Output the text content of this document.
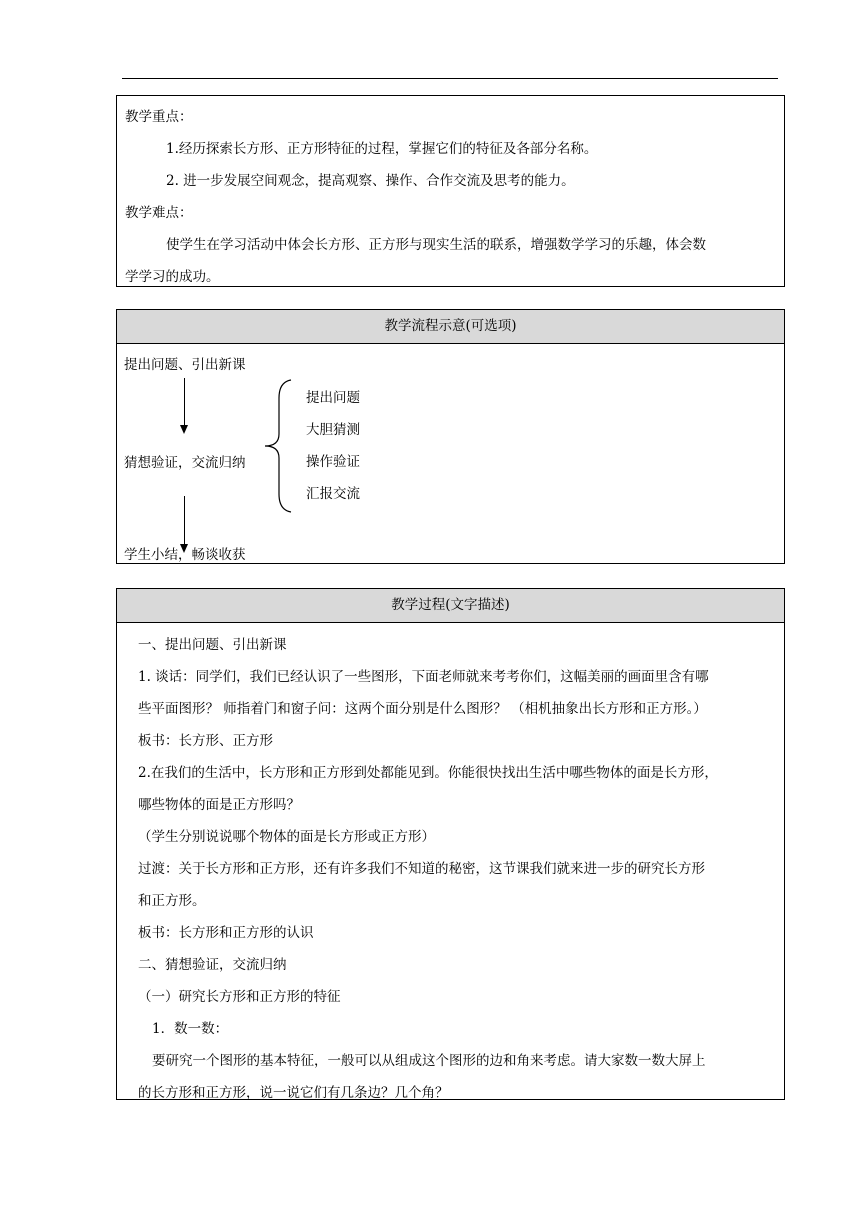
教学重点：
1.经历探索长方形、正方形特征的过程，掌握它们的特征及各部分名称。
2. 进一步发展空间观念，提高观察、操作、合作交流及思考的能力。
教学难点：
使学生在学习活动中体会长方形、正方形与现实生活的联系，增强数学学习的乐趣，体会数
学学习的成功。
教学流程示意(可选项)
提出问题、引出新课
猜想验证，交流归纳
提出问题
大胆猜测
操作验证
汇报交流
学生小结，畅谈收获
教学过程(文字描述)
一、提出问题、引出新课
1. 谈话：同学们，我们已经认识了一些图形，下面老师就来考考你们，这幅美丽的画面里含有哪
些平面图形？ 师指着门和窗子问：这两个面分别是什么图形？ （相机抽象出长方形和正方形。）
板书：长方形、正方形
2.在我们的生活中，长方形和正方形到处都能见到。你能很快找出生活中哪些物体的面是长方形，
哪些物体的面是正方形吗？
（学生分别说说哪个物体的面是长方形或正方形）
过渡：关于长方形和正方形，还有许多我们不知道的秘密，这节课我们就来进一步的研究长方形
和正方形。
板书：长方形和正方形的认识
二、猜想验证，交流归纳
（一）研究长方形和正方形的特征
1．数一数：
要研究一个图形的基本特征，一般可以从组成这个图形的边和角来考虑。请大家数一数大屏上
的长方形和正方形，说一说它们有几条边？几个角？
